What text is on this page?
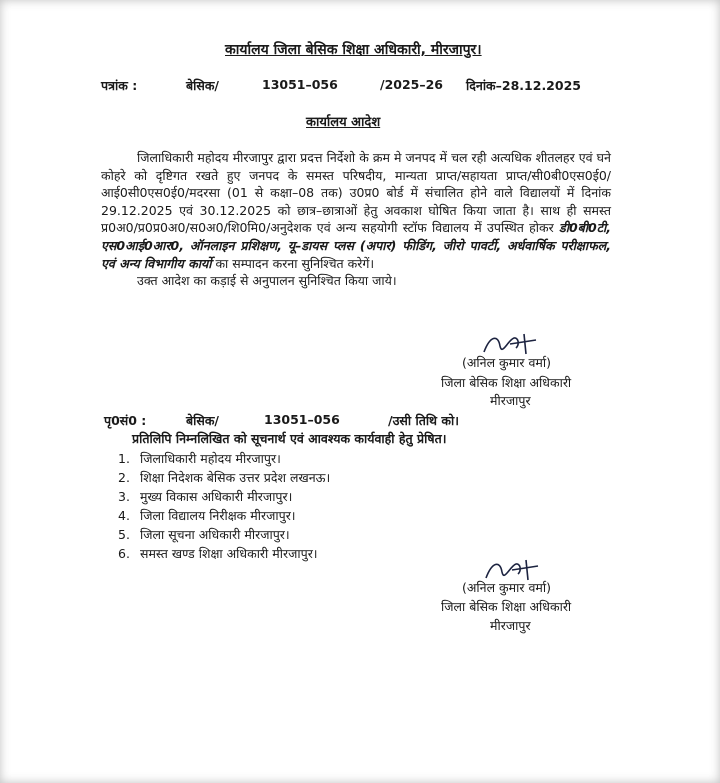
कार्यालय जिला बेसिक शिक्षा अधिकारी, मीरजापुर।
पत्रांक :	बेसिक/	13051–056	/2025–26 दिनांक–28.12.2025
कार्यालय आदेश
जिलाधिकारी महोदय मीरजापुर द्वारा प्रदत्त निर्देशो के क्रम मे जनपद में चल रही अत्यधिक शीतलहर एवं घने कोहरे को दृष्टिगत रखते हुए जनपद के समस्त परिषदीय, मान्यता प्राप्त/सहायता प्राप्त/सी0बी0एस0ई0/आई0सी0एस0ई0/मदरसा (01 से कक्षा–08 तक) उ0प्र0 बोर्ड में संचालित होने वाले विद्यालयों में दिनांक 29.12.2025 एवं 30.12.2025 को छात्र–छात्राओं हेतु अवकाश घोषित किया जाता है। साथ ही समस्त प्र0अ0/प्र0प्र0अ0/स0अ0/शि0मि0/अनुदेशक एवं अन्य सहयोगी स्टॉफ विद्यालय में उपस्थित होकर डी0बी0टी, एस0आई0आर0, ऑनलाइन प्रशिक्षण, यू–डायस प्लस (अपार) फीडिंग, जीरो पावर्टी, अर्धवार्षिक परीक्षाफल, एवं अन्य विभागीय कार्यो का सम्पादन करना सुनिश्चित करेगें।
उक्त आदेश का कड़ाई से अनुपालन सुनिश्चित किया जाये।
(अनिल कुमार वर्मा)
जिला बेसिक शिक्षा अधिकारी
मीरजापुर
पृ0सं0 :	बेसिक/	13051–056	/उसी तिथि को।
प्रतिलिपि निम्नलिखित को सूचनार्थ एवं आवश्यक कार्यवाही हेतु प्रेषित।
1. जिलाधिकारी महोदय मीरजापुर।
2. शिक्षा निदेशक बेसिक उत्तर प्रदेश लखनऊ।
3. मुख्य विकास अधिकारी मीरजापुर।
4. जिला विद्यालय निरीक्षक मीरजापुर।
5. जिला सूचना अधिकारी मीरजापुर।
6. समस्त खण्ड शिक्षा अधिकारी मीरजापुर।
(अनिल कुमार वर्मा)
जिला बेसिक शिक्षा अधिकारी
मीरजापुर
